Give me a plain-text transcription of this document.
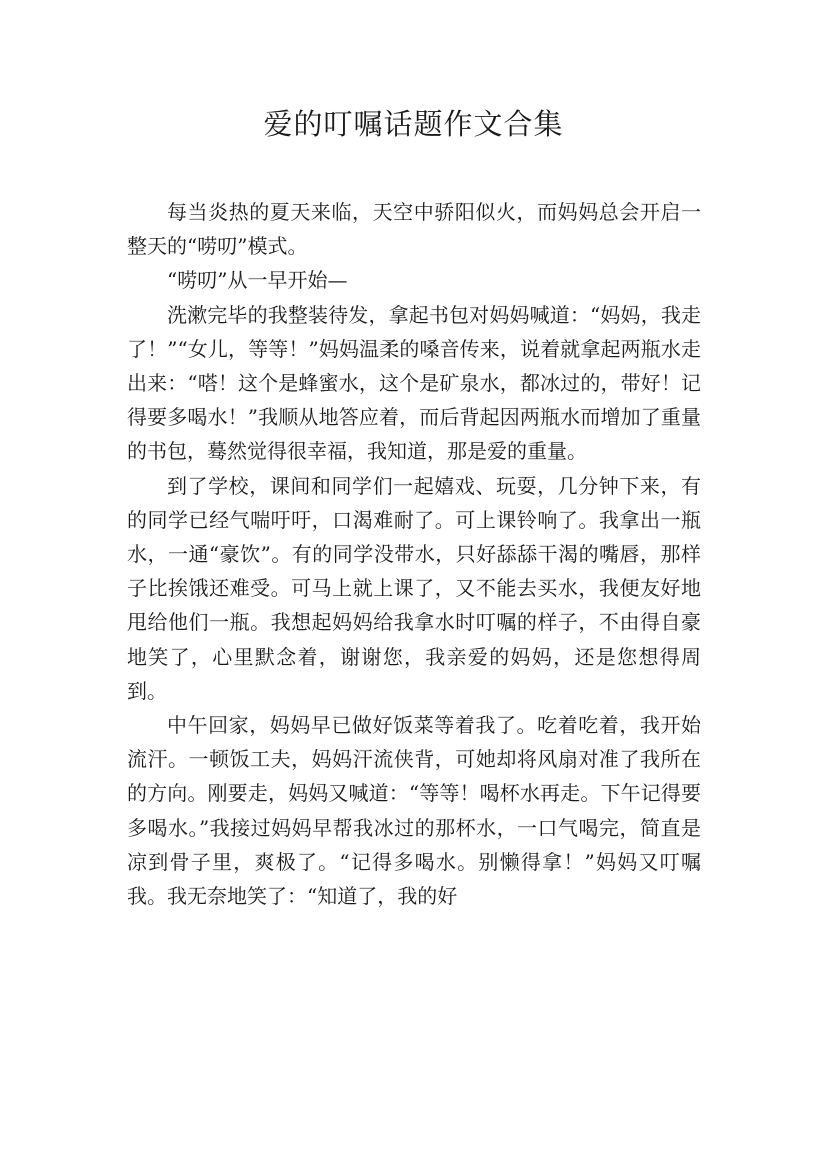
爱的叮嘱话题作文合集

每当炎热的夏天来临，天空中骄阳似火，而妈妈总会开启一整天的“唠叨”模式。

“唠叨”从一早开始—

洗漱完毕的我整装待发，拿起书包对妈妈喊道：“妈妈，我走了！”“女儿，等等！”妈妈温柔的嗓音传来，说着就拿起两瓶水走出来：“嗒！这个是蜂蜜水，这个是矿泉水，都冰过的，带好！记得要多喝水！”我顺从地答应着，而后背起因两瓶水而增加了重量的书包，蓦然觉得很幸福，我知道，那是爱的重量。

到了学校，课间和同学们一起嬉戏、玩耍，几分钟下来，有的同学已经气喘吁吁，口渴难耐了。可上课铃响了。我拿出一瓶水，一通“豪饮”。有的同学没带水，只好舔舔干渴的嘴唇，那样子比挨饿还难受。可马上就上课了，又不能去买水，我便友好地甩给他们一瓶。我想起妈妈给我拿水时叮嘱的样子，不由得自豪地笑了，心里默念着，谢谢您，我亲爱的妈妈，还是您想得周到。

中午回家，妈妈早已做好饭菜等着我了。吃着吃着，我开始流汗。一顿饭工夫，妈妈汗流侠背，可她却将风扇对准了我所在的方向。刚要走，妈妈又喊道：“等等！喝杯水再走。下午记得要多喝水。”我接过妈妈早帮我冰过的那杯水，一口气喝完，简直是凉到骨子里，爽极了。“记得多喝水。别懒得拿！”妈妈又叮嘱我。我无奈地笑了：“知道了，我的好
